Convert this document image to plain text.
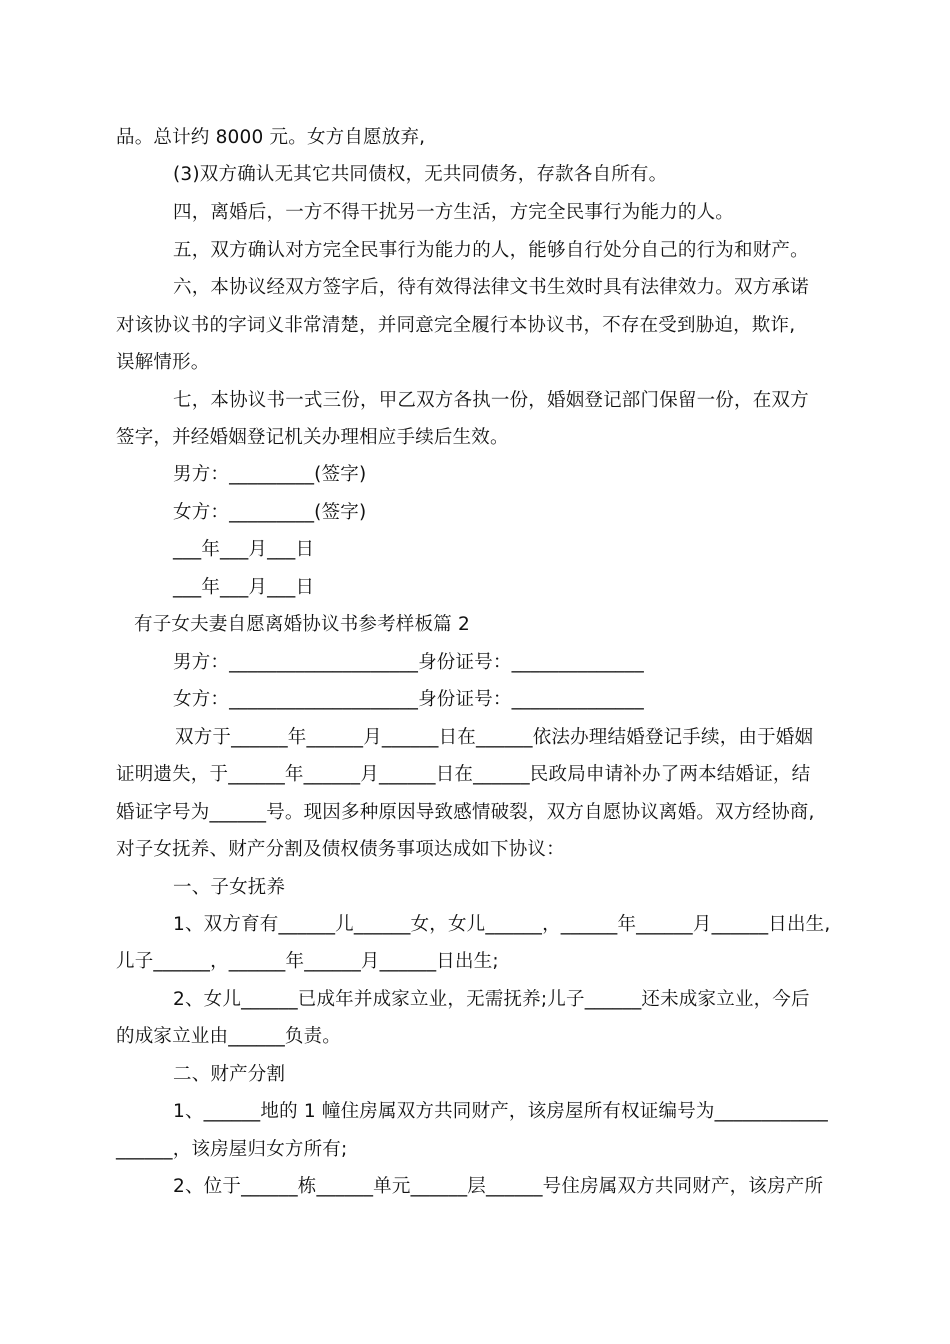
品。总计约 8000 元。女方自愿放弃,
(3)双方确认无其它共同债权，无共同债务，存款各自所有。
四，离婚后，一方不得干扰另一方生活，方完全民事行为能力的人。
五，双方确认对方完全民事行为能力的人，能够自行处分自己的行为和财产。
六，本协议经双方签字后，待有效得法律文书生效时具有法律效力。双方承诺
对该协议书的字词义非常清楚，并同意完全履行本协议书，不存在受到胁迫，欺诈,
误解情形。
七，本协议书一式三份，甲乙双方各执一份，婚姻登记部门保留一份，在双方
签字，并经婚姻登记机关办理相应手续后生效。
男方：_________(签字)
女方：_________(签字)
___年___月___日
___年___月___日
有子女夫妻自愿离婚协议书参考样板篇 2
男方：____________________身份证号：______________
女方：____________________身份证号：______________
双方于______年______月______日在______依法办理结婚登记手续，由于婚姻
证明遗失，于______年______月______日在______民政局申请补办了两本结婚证，结
婚证字号为______号。现因多种原因导致感情破裂，双方自愿协议离婚。双方经协商,
对子女抚养、财产分割及债权债务事项达成如下协议：
一、子女抚养
1、双方育有______儿______女，女儿______，______年______月______日出生,
儿子______，______年______月______日出生;
2、女儿______已成年并成家立业，无需抚养;儿子______还未成家立业，今后
的成家立业由______负责。
二、财产分割
1、______地的 1 幢住房属双方共同财产，该房屋所有权证编号为____________
______，该房屋归女方所有;
2、位于______栋______单元______层______号住房属双方共同财产，该房产所
